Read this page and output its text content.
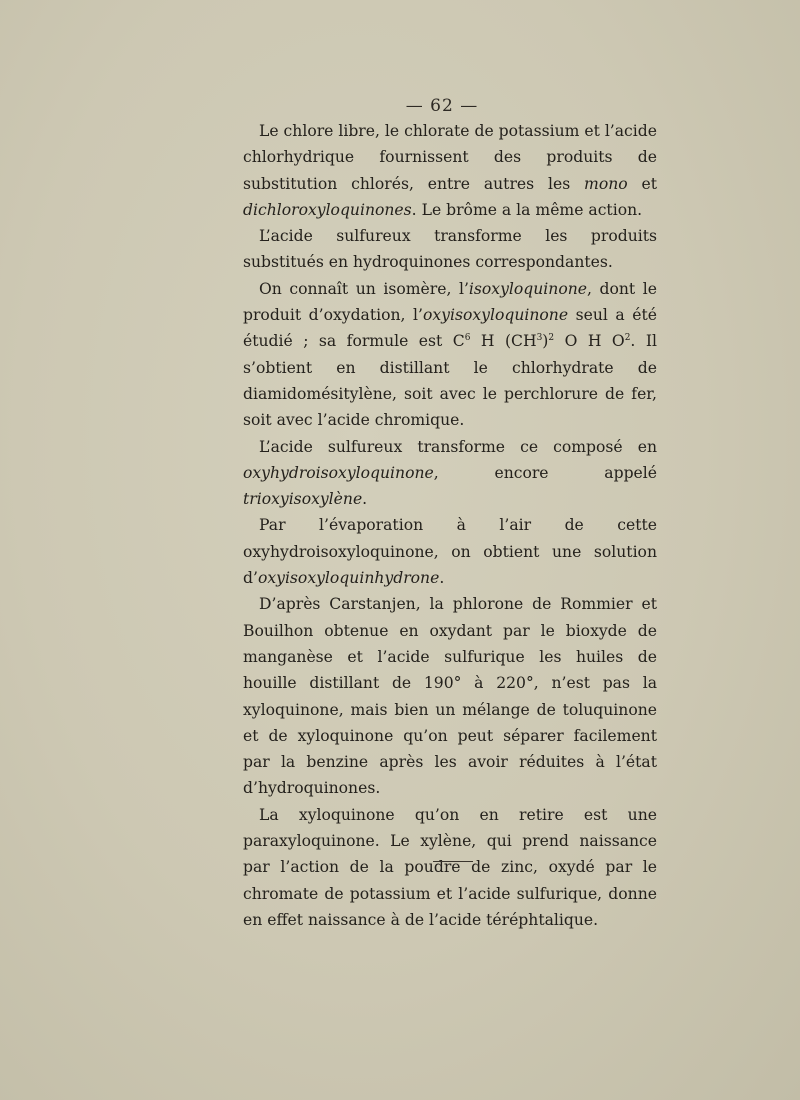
— 62 —

Le chlore libre, le chlorate de potassium et l’acide chlorhydrique fournissent des produits de substitution chlorés, entre autres les mono et dichloroxyloquinones. Le brôme a la même action.

L’acide sulfureux transforme les produits substitués en hydroquinones correspondantes.

On connaît un isomère, l’isoxyloquinone, dont le produit d’oxydation, l’oxyisoxyloquinone seul a été étudié ; sa formule est $C^6$ H $(CH^3)^2$ O H $O^2$. Il s’obtient en distillant le chlorhydrate de diamidomésitylène, soit avec le perchlorure de fer, soit avec l’acide chromique.

L’acide sulfureux transforme ce composé en oxyhydroisoxyloquinone, encore appelé trioxyisoxylène.

Par l’évaporation à l’air de cette oxyhydroisoxyloquinone, on obtient une solution d’oxyisoxyloquinhydrone.

D’après Carstanjen, la phlorone de Rommier et Bouilhon obtenue en oxydant par le bioxyde de manganèse et l’acide sulfurique les huiles de houille distillant de 190° à 220°, n’est pas la xyloquinone, mais bien un mélange de toluquinone et de xyloquinone qu’on peut séparer facilement par la benzine après les avoir réduites à l’état d’hydroquinones.

La xyloquinone qu’on en retire est une paraxyloquinone. Le xylène, qui prend naissance par l’action de la poudre de zinc, oxydé par le chromate de potassium et l’acide sulfurique, donne en effet naissance à de l’acide téréphtalique.
